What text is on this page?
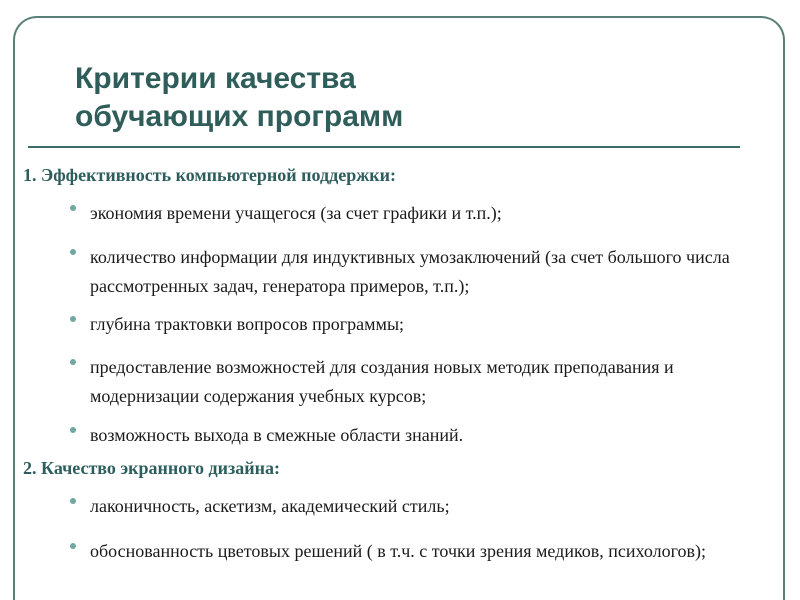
Критерии качества
обучающих программ

1. Эффективность компьютерной поддержки:

экономия времени учащегося (за счет графики и т.п.);
количество информации для индуктивных умозаключений (за счет большого числа рассмотренных задач, генератора примеров, т.п.);
глубина трактовки вопросов программы;
предоставление возможностей для создания новых методик преподавания и модернизации содержания учебных курсов;
возможность выхода в смежные области знаний.

2. Качество экранного дизайна:

лаконичность, аскетизм, академический стиль;
обоснованность цветовых решений ( в т.ч. с точки зрения медиков, психологов);
